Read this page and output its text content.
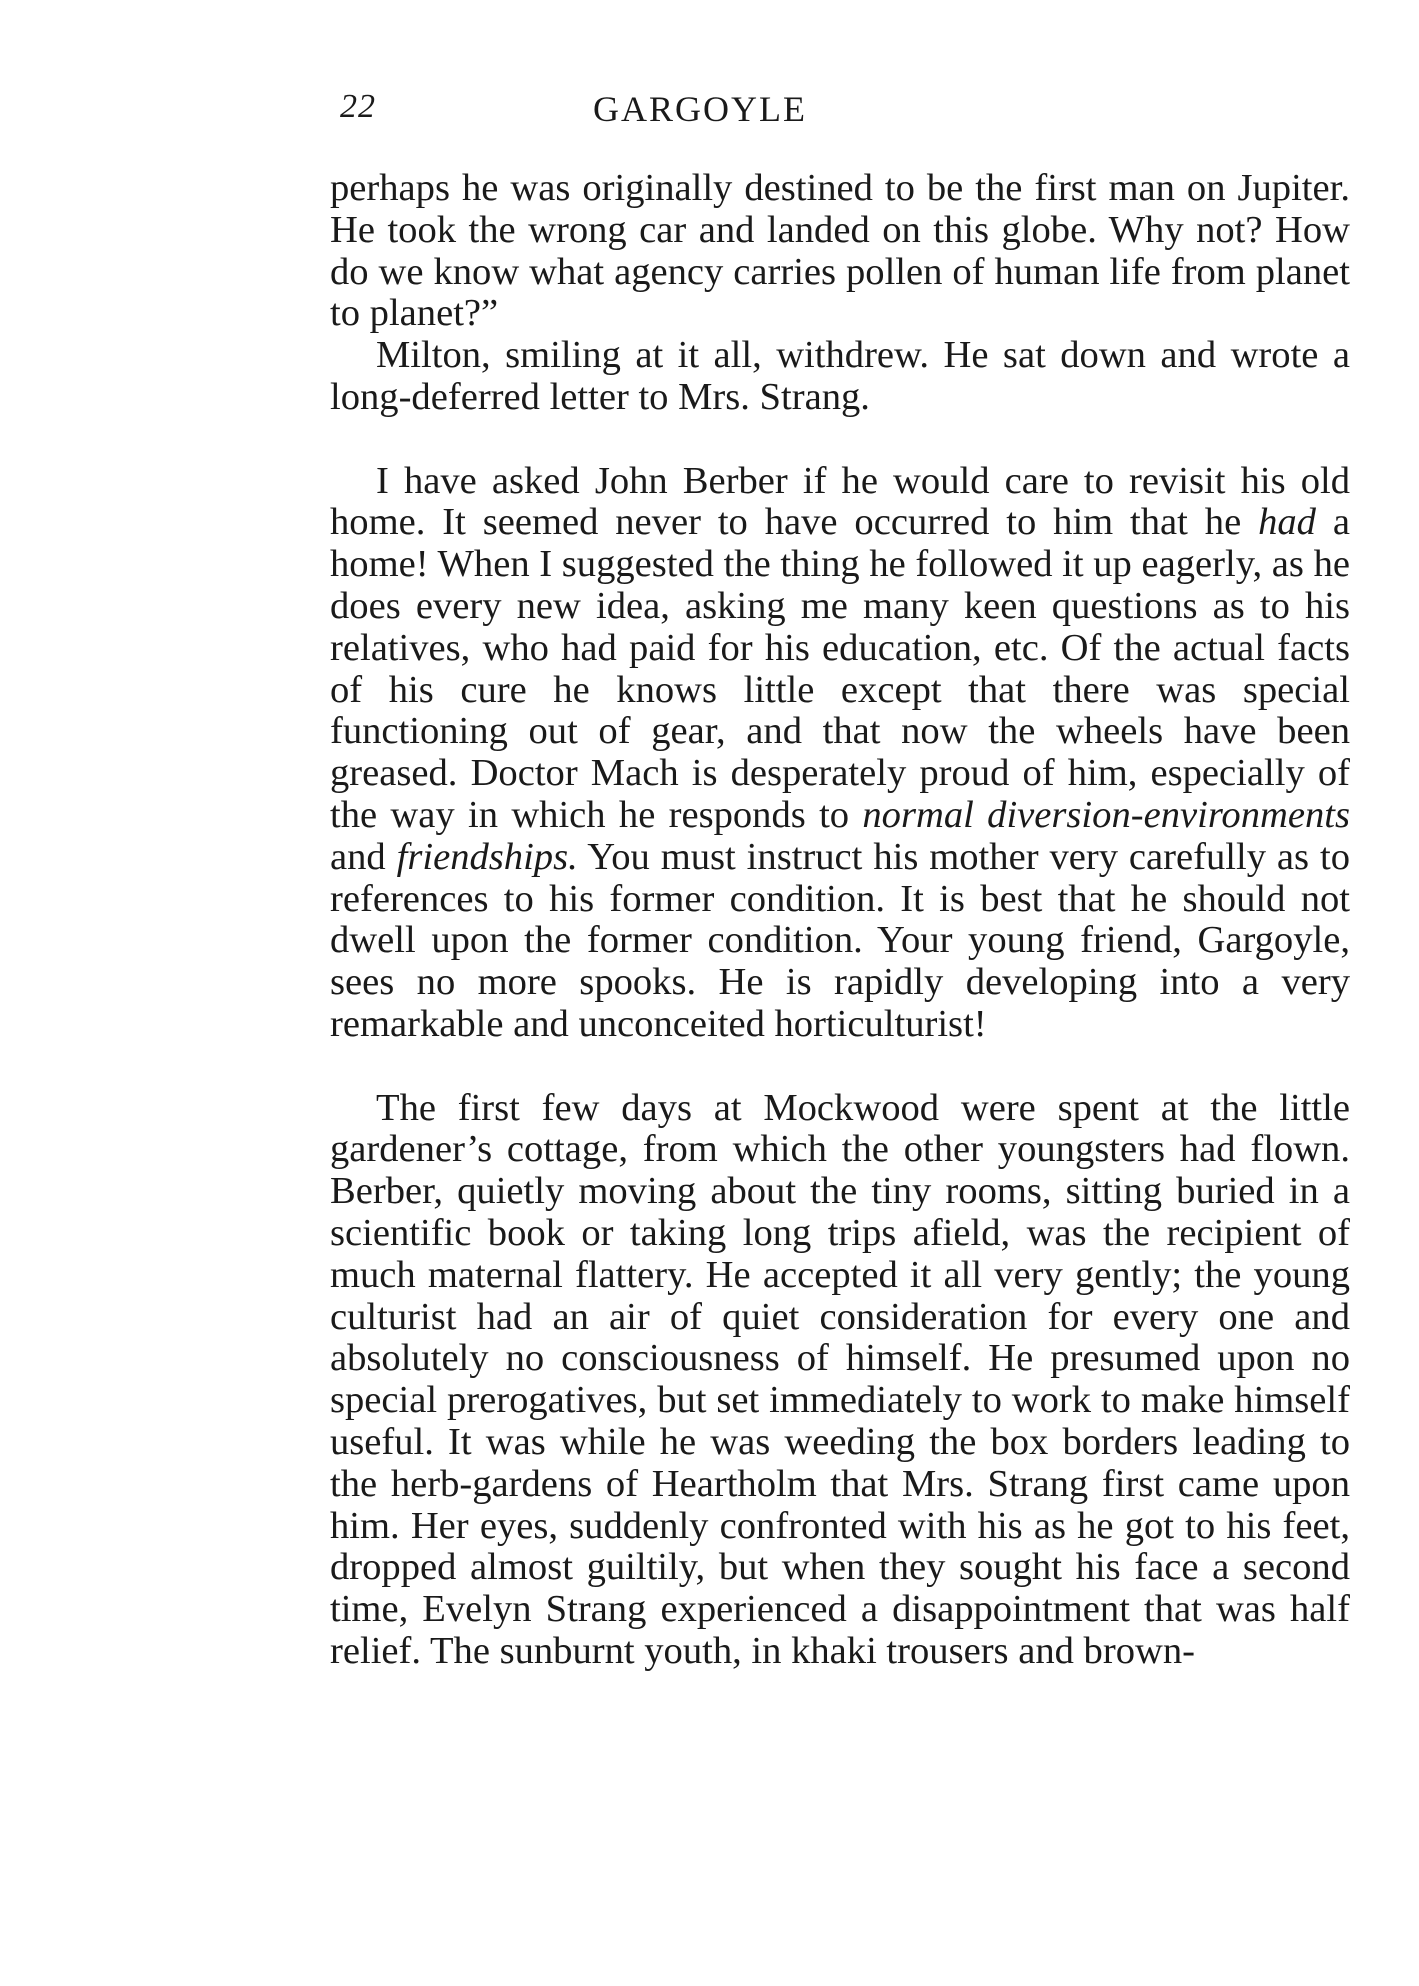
22	GARGOYLE

perhaps he was originally destined to be the first man on Jupiter. He took the wrong car and landed on this globe. Why not? How do we know what agency carries pollen of human life from planet to planet?”

Milton, smiling at it all, withdrew. He sat down and wrote a long-deferred letter to Mrs. Strang.

I have asked John Berber if he would care to revisit his old home. It seemed never to have occurred to him that he had a home! When I suggested the thing he followed it up eagerly, as he does every new idea, asking me many keen questions as to his relatives, who had paid for his education, etc. Of the actual facts of his cure he knows little except that there was special functioning out of gear, and that now the wheels have been greased. Doctor Mach is desperately proud of him, especially of the way in which he responds to normal diversion-environments and friendships. You must instruct his mother very carefully as to references to his former condition. It is best that he should not dwell upon the former condition. Your young friend, Gargoyle, sees no more spooks. He is rapidly developing into a very remarkable and unconceited horticulturist!

The first few days at Mockwood were spent at the little gardener’s cottage, from which the other youngsters had flown. Berber, quietly moving about the tiny rooms, sitting buried in a scientific book or taking long trips afield, was the recipient of much maternal flattery. He accepted it all very gently; the young culturist had an air of quiet consideration for every one and absolutely no consciousness of himself. He presumed upon no special prerogatives, but set immediately to work to make himself useful. It was while he was weeding the box borders leading to the herb-gardens of Heartholm that Mrs. Strang first came upon him. Her eyes, suddenly confronted with his as he got to his feet, dropped almost guiltily, but when they sought his face a second time, Evelyn Strang experienced a disappointment that was half relief. The sunburnt youth, in khaki trousers and brown-
